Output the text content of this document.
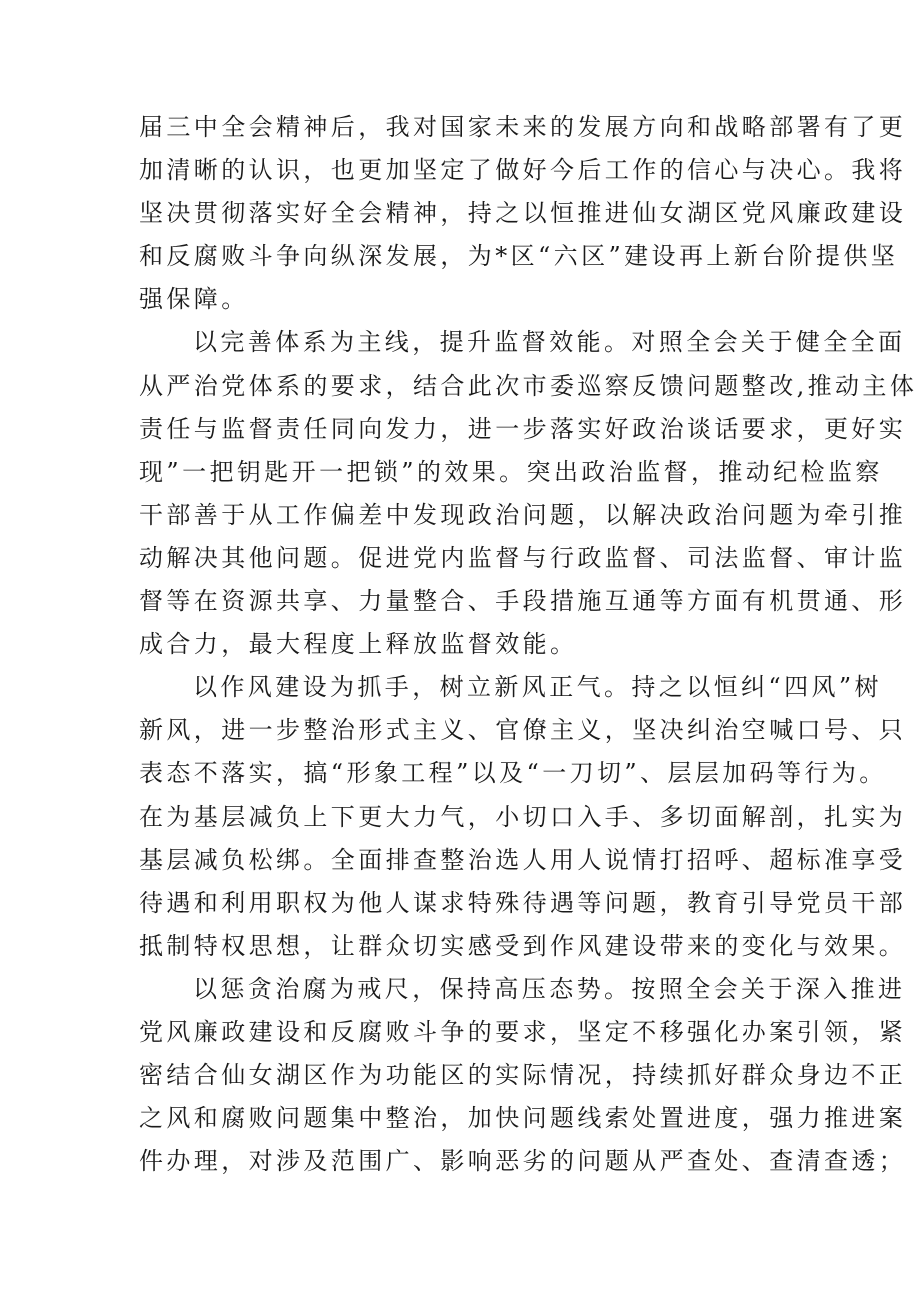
届三中全会精神后，我对国家未来的发展方向和战略部署有了更
加清晰的认识，也更加坚定了做好今后工作的信心与决心。我将
坚决贯彻落实好全会精神，持之以恒推进仙女湖区党风廉政建设
和反腐败斗争向纵深发展，为*区“六区”建设再上新台阶提供坚
强保障。
以完善体系为主线，提升监督效能。对照全会关于健全全面
从严治党体系的要求，结合此次市委巡察反馈问题整改,推动主体
责任与监督责任同向发力，进一步落实好政治谈话要求，更好实
现”一把钥匙开一把锁”的效果。突出政治监督，推动纪检监察
干部善于从工作偏差中发现政治问题，以解决政治问题为牵引推
动解决其他问题。促进党内监督与行政监督、司法监督、审计监
督等在资源共享、力量整合、手段措施互通等方面有机贯通、形
成合力，最大程度上释放监督效能。
以作风建设为抓手，树立新风正气。持之以恒纠“四风”树
新风，进一步整治形式主义、官僚主义，坚决纠治空喊口号、只
表态不落实，搞“形象工程”以及“一刀切”、层层加码等行为。
在为基层减负上下更大力气，小切口入手、多切面解剖，扎实为
基层减负松绑。全面排查整治选人用人说情打招呼、超标准享受
待遇和利用职权为他人谋求特殊待遇等问题，教育引导党员干部
抵制特权思想，让群众切实感受到作风建设带来的变化与效果。
以惩贪治腐为戒尺，保持高压态势。按照全会关于深入推进
党风廉政建设和反腐败斗争的要求，坚定不移强化办案引领，紧
密结合仙女湖区作为功能区的实际情况，持续抓好群众身边不正
之风和腐败问题集中整治，加快问题线索处置进度，强力推进案
件办理，对涉及范围广、影响恶劣的问题从严查处、查清查透；
